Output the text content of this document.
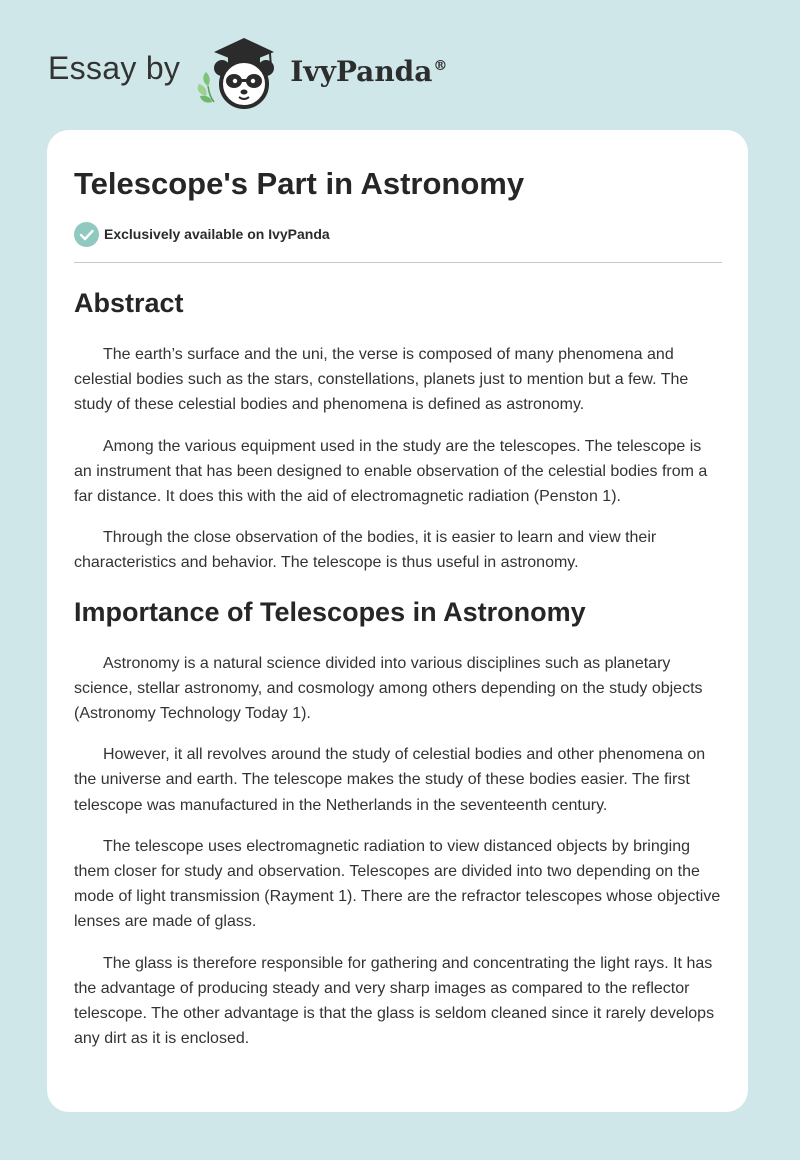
Essay by	IvyPanda®
Telescope's Part in Astronomy
Exclusively available on IvyPanda
Abstract

The earth’s surface and the uni, the verse is composed of many phenomena and celestial bodies such as the stars, constellations, planets just to mention but a few. The study of these celestial bodies and phenomena is defined as astronomy.

Among the various equipment used in the study are the telescopes. The telescope is an instrument that has been designed to enable observation of the celestial bodies from a far distance. It does this with the aid of electromagnetic radiation (Penston 1).

Through the close observation of the bodies, it is easier to learn and view their characteristics and behavior. The telescope is thus useful in astronomy.

Importance of Telescopes in Astronomy

Astronomy is a natural science divided into various disciplines such as planetary science, stellar astronomy, and cosmology among others depending on the study objects (Astronomy Technology Today 1).

However, it all revolves around the study of celestial bodies and other phenomena on the universe and earth. The telescope makes the study of these bodies easier. The first telescope was manufactured in the Netherlands in the seventeenth century.

The telescope uses electromagnetic radiation to view distanced objects by bringing them closer for study and observation. Telescopes are divided into two depending on the mode of light transmission (Rayment 1). There are the refractor telescopes whose objective lenses are made of glass.

The glass is therefore responsible for gathering and concentrating the light rays. It has the advantage of producing steady and very sharp images as compared to the reflector telescope. The other advantage is that the glass is seldom cleaned since it rarely develops any dirt as it is enclosed.
